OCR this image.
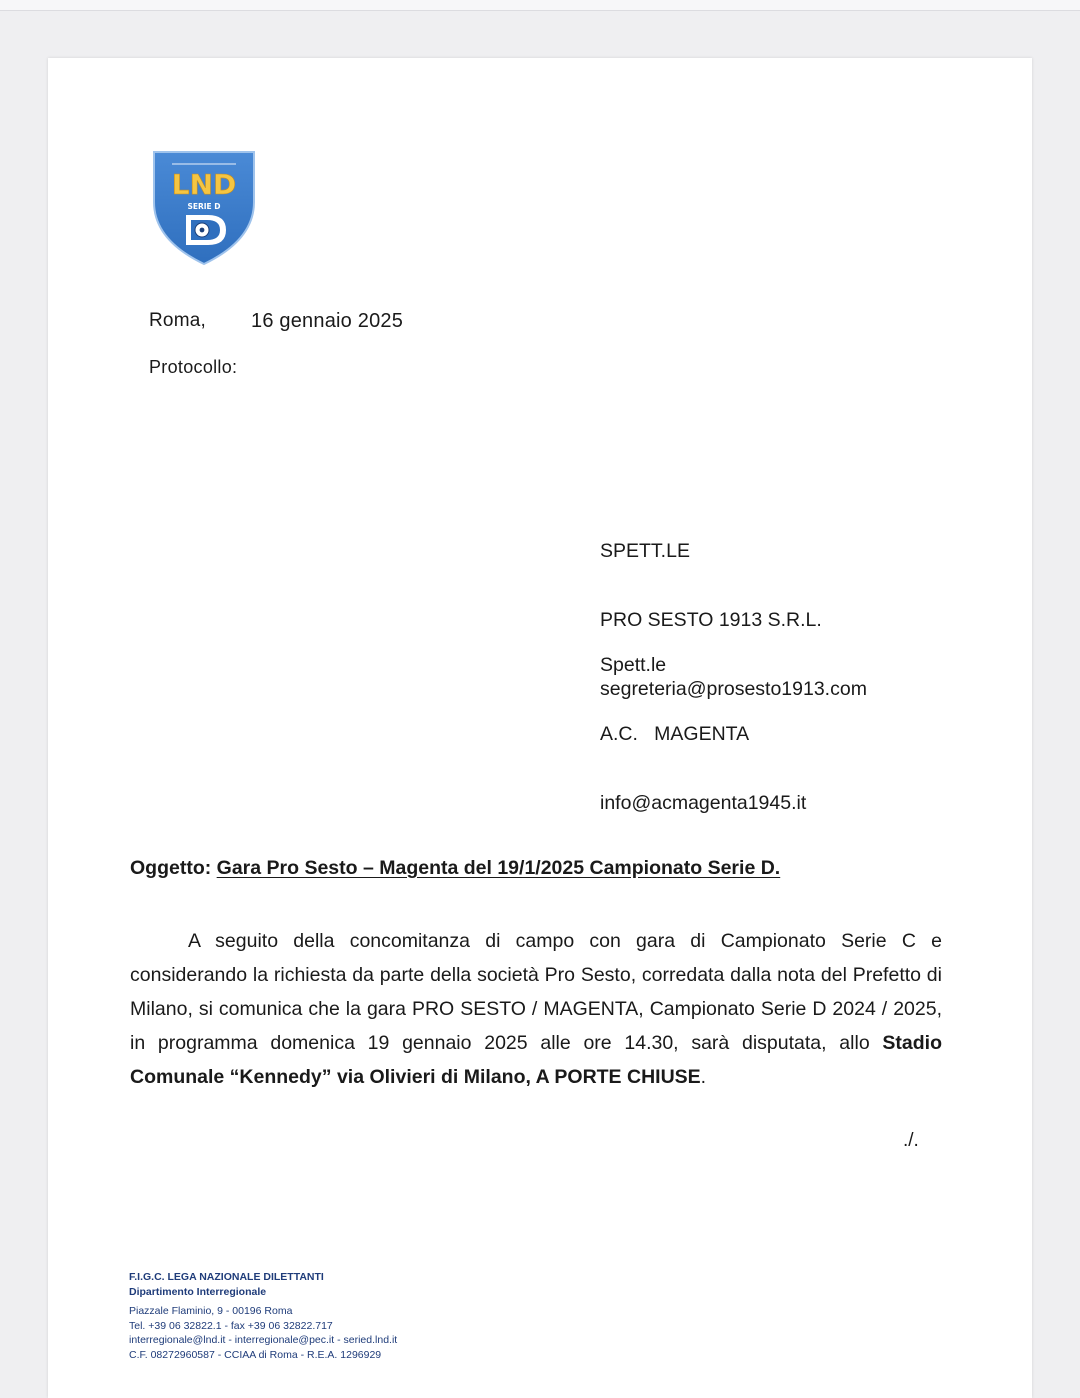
LND
SERIE D
Roma, 16 gennaio 2025
Protocollo:

SPETT.LE

PRO SESTO 1913 S.R.L.

segreteria@prosesto1913.com

Spett.le

A.C.   MAGENTA

info@acmagenta1945.it

Oggetto: Gara Pro Sesto – Magenta del 19/1/2025 Campionato Serie D.
A seguito della concomitanza di campo con gara di Campionato Serie C e considerando la richiesta da parte della società Pro Sesto, corredata dalla nota del Prefetto di Milano, si comunica che la gara PRO SESTO / MAGENTA, Campionato Serie D 2024 / 2025, in programma domenica 19 gennaio 2025 alle ore 14.30, sarà disputata, allo Stadio Comunale “Kennedy” via Olivieri di Milano, A PORTE CHIUSE.
./.
F.I.G.C. LEGA NAZIONALE DILETTANTI
Dipartimento Interregionale
Piazzale Flaminio, 9 - 00196 Roma
Tel. +39 06 32822.1 - fax +39 06 32822.717
interregionale@lnd.it - interregionale@pec.it - seried.lnd.it
C.F. 08272960587 - CCIAA di Roma - R.E.A. 1296929
